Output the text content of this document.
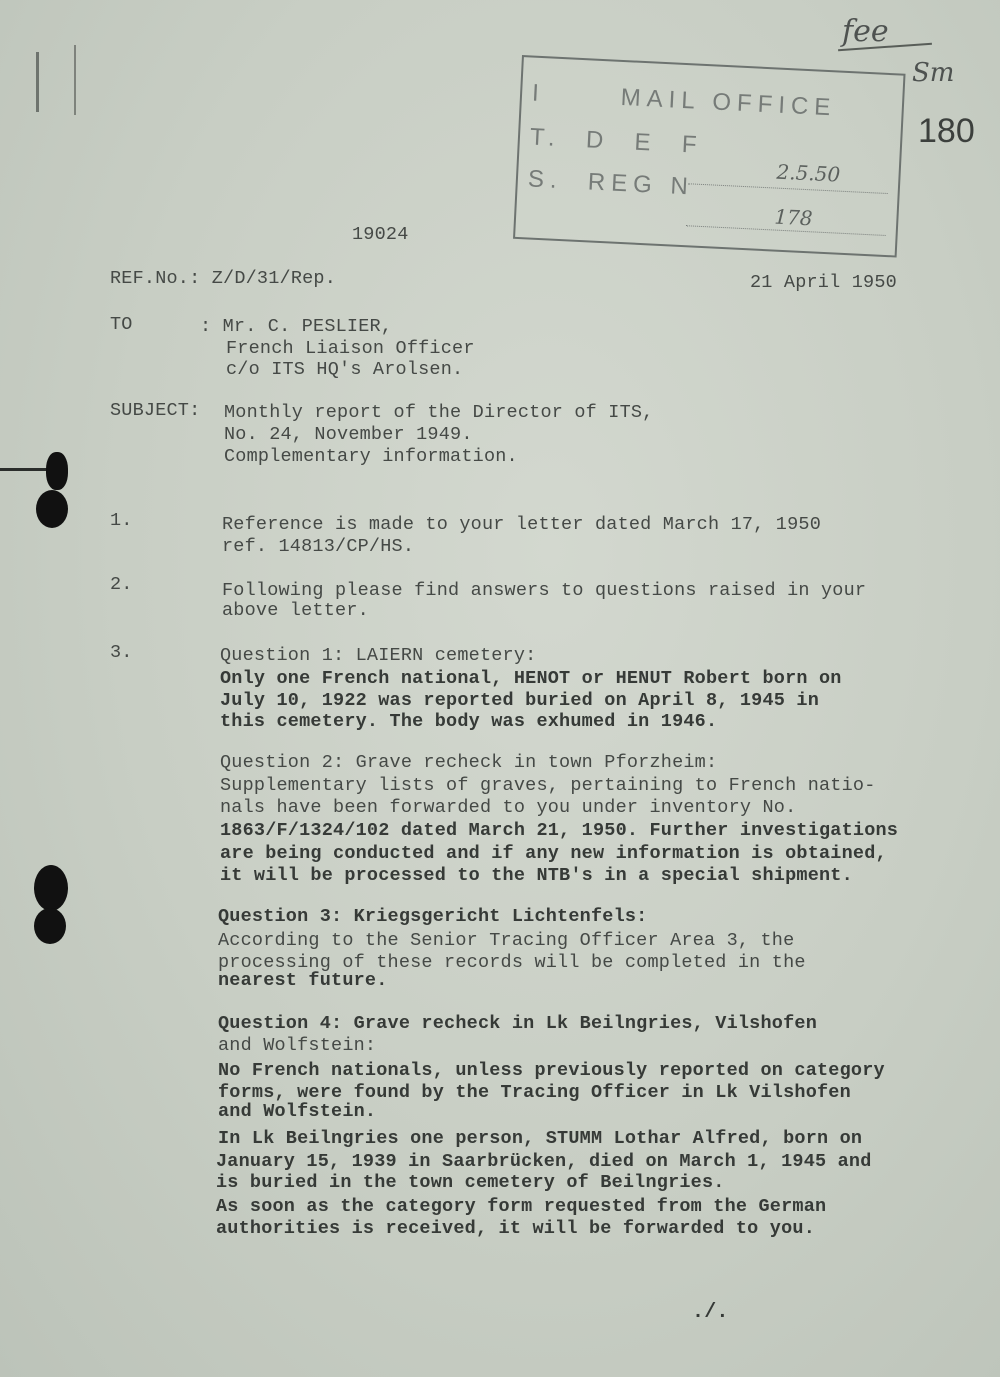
fee
Sm
180
I      MAIL OFFICE
T.  D  E  F
S.  REG N	2.5.50
178
19024
REF.No.: Z/D/31/Rep.	21 April 1950
TO	: Mr. C. PESLIER,
French Liaison Officer
c/o ITS HQ's Arolsen.
SUBJECT: Monthly report of the Director of ITS,
No. 24, November 1949.
Complementary information.
1.	Reference is made to your letter dated March 17, 1950
ref. 14813/CP/HS.
2.	Following please find answers to questions raised in your
above letter.
3.	Question 1: LAIERN cemetery:
Only one French national, HENOT or HENUT Robert born on
July 10, 1922 was reported buried on April 8, 1945 in
this cemetery. The body was exhumed in 1946.
Question 2: Grave recheck in town Pforzheim:
Supplementary lists of graves, pertaining to French natio-
nals have been forwarded to you under inventory No.
1863/F/1324/102 dated March 21, 1950. Further investigations
are being conducted and if any new information is obtained,
it will be processed to the NTB's in a special shipment.
Question 3: Kriegsgericht Lichtenfels:
According to the Senior Tracing Officer Area 3, the
processing of these records will be completed in the
nearest future.
Question 4: Grave recheck in Lk Beilngries, Vilshofen
and Wolfstein:
No French nationals, unless previously reported on category
forms, were found by the Tracing Officer in Lk Vilshofen
and Wolfstein.
In Lk Beilngries one person, STUMM Lothar Alfred, born on
January 15, 1939 in Saarbrücken, died on March 1, 1945 and
is buried in the town cemetery of Beilngries.
As soon as the category form requested from the German
authorities is received, it will be forwarded to you.
./.
